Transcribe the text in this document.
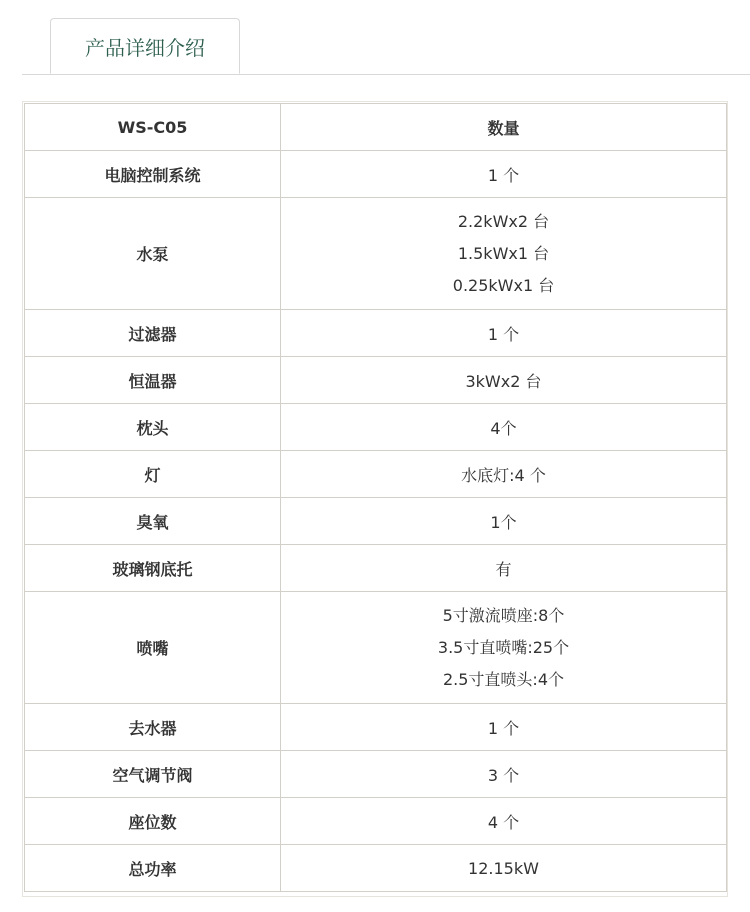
产品详细介绍
WS-C05	数量
电脑控制系统	1 个
水泵	2.2kWx2 台
1.5kWx1 台
0.25kWx1 台

过滤器	1 个
恒温器	3kWx2 台
枕头	4个
灯	水底灯:4 个
臭氧	1个
玻璃钢底托	有
喷嘴	5寸激流喷座:8个
3.5寸直喷嘴:25个
2.5寸直喷头:4个

去水器	1 个
空气调节阀	3 个
座位数	4 个
总功率	12.15kW
